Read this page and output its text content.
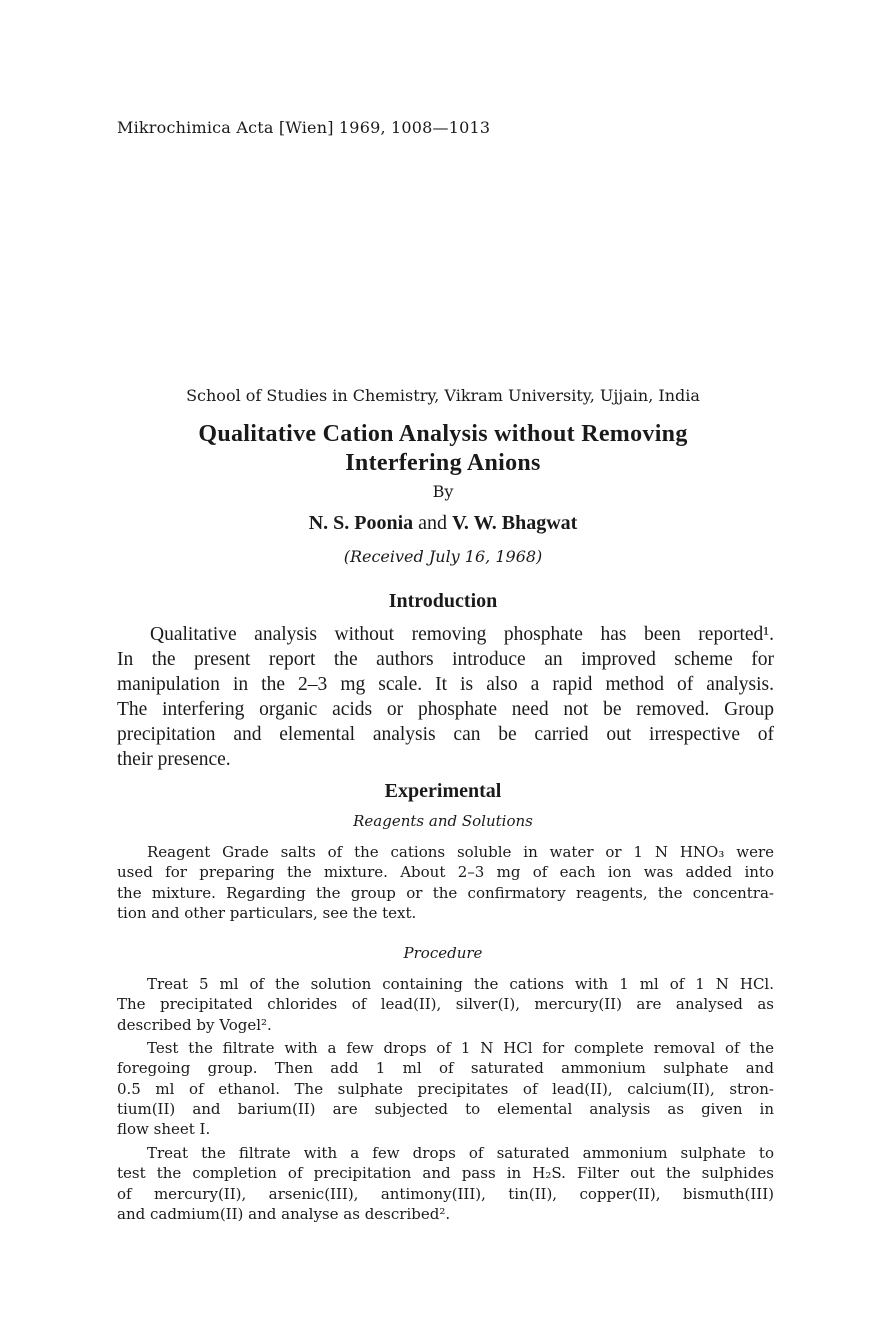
Mikrochimica Acta [Wien] 1969, 1008—1013
School of Studies in Chemistry, Vikram University, Ujjain, India
Qualitative Cation Analysis without Removing
Interfering Anions
By
N. S. Poonia and V. W. Bhagwat
(Received July 16, 1968)
Introduction
Qualitative analysis without removing phosphate has been reported¹.
In the present report the authors introduce an improved scheme for
manipulation in the 2–3 mg scale. It is also a rapid method of analysis.
The interfering organic acids or phosphate need not be removed. Group
precipitation and elemental analysis can be carried out irrespective of
their presence.
Experimental
Reagents and Solutions
Reagent Grade salts of the cations soluble in water or 1 N HNO₃ were
used for preparing the mixture. About 2–3 mg of each ion was added into
the mixture. Regarding the group or the confirmatory reagents, the concentra-
tion and other particulars, see the text.
Procedure
Treat 5 ml of the solution containing the cations with 1 ml of 1 N HCl.
The precipitated chlorides of lead(II), silver(I), mercury(II) are analysed as
described by Vogel².
Test the filtrate with a few drops of 1 N HCl for complete removal of the
foregoing group. Then add 1 ml of saturated ammonium sulphate and
0.5 ml of ethanol. The sulphate precipitates of lead(II), calcium(II), stron-
tium(II) and barium(II) are subjected to elemental analysis as given in
flow sheet I.
Treat the filtrate with a few drops of saturated ammonium sulphate to
test the completion of precipitation and pass in H₂S. Filter out the sulphides
of mercury(II), arsenic(III), antimony(III), tin(II), copper(II), bismuth(III)
and cadmium(II) and analyse as described².
